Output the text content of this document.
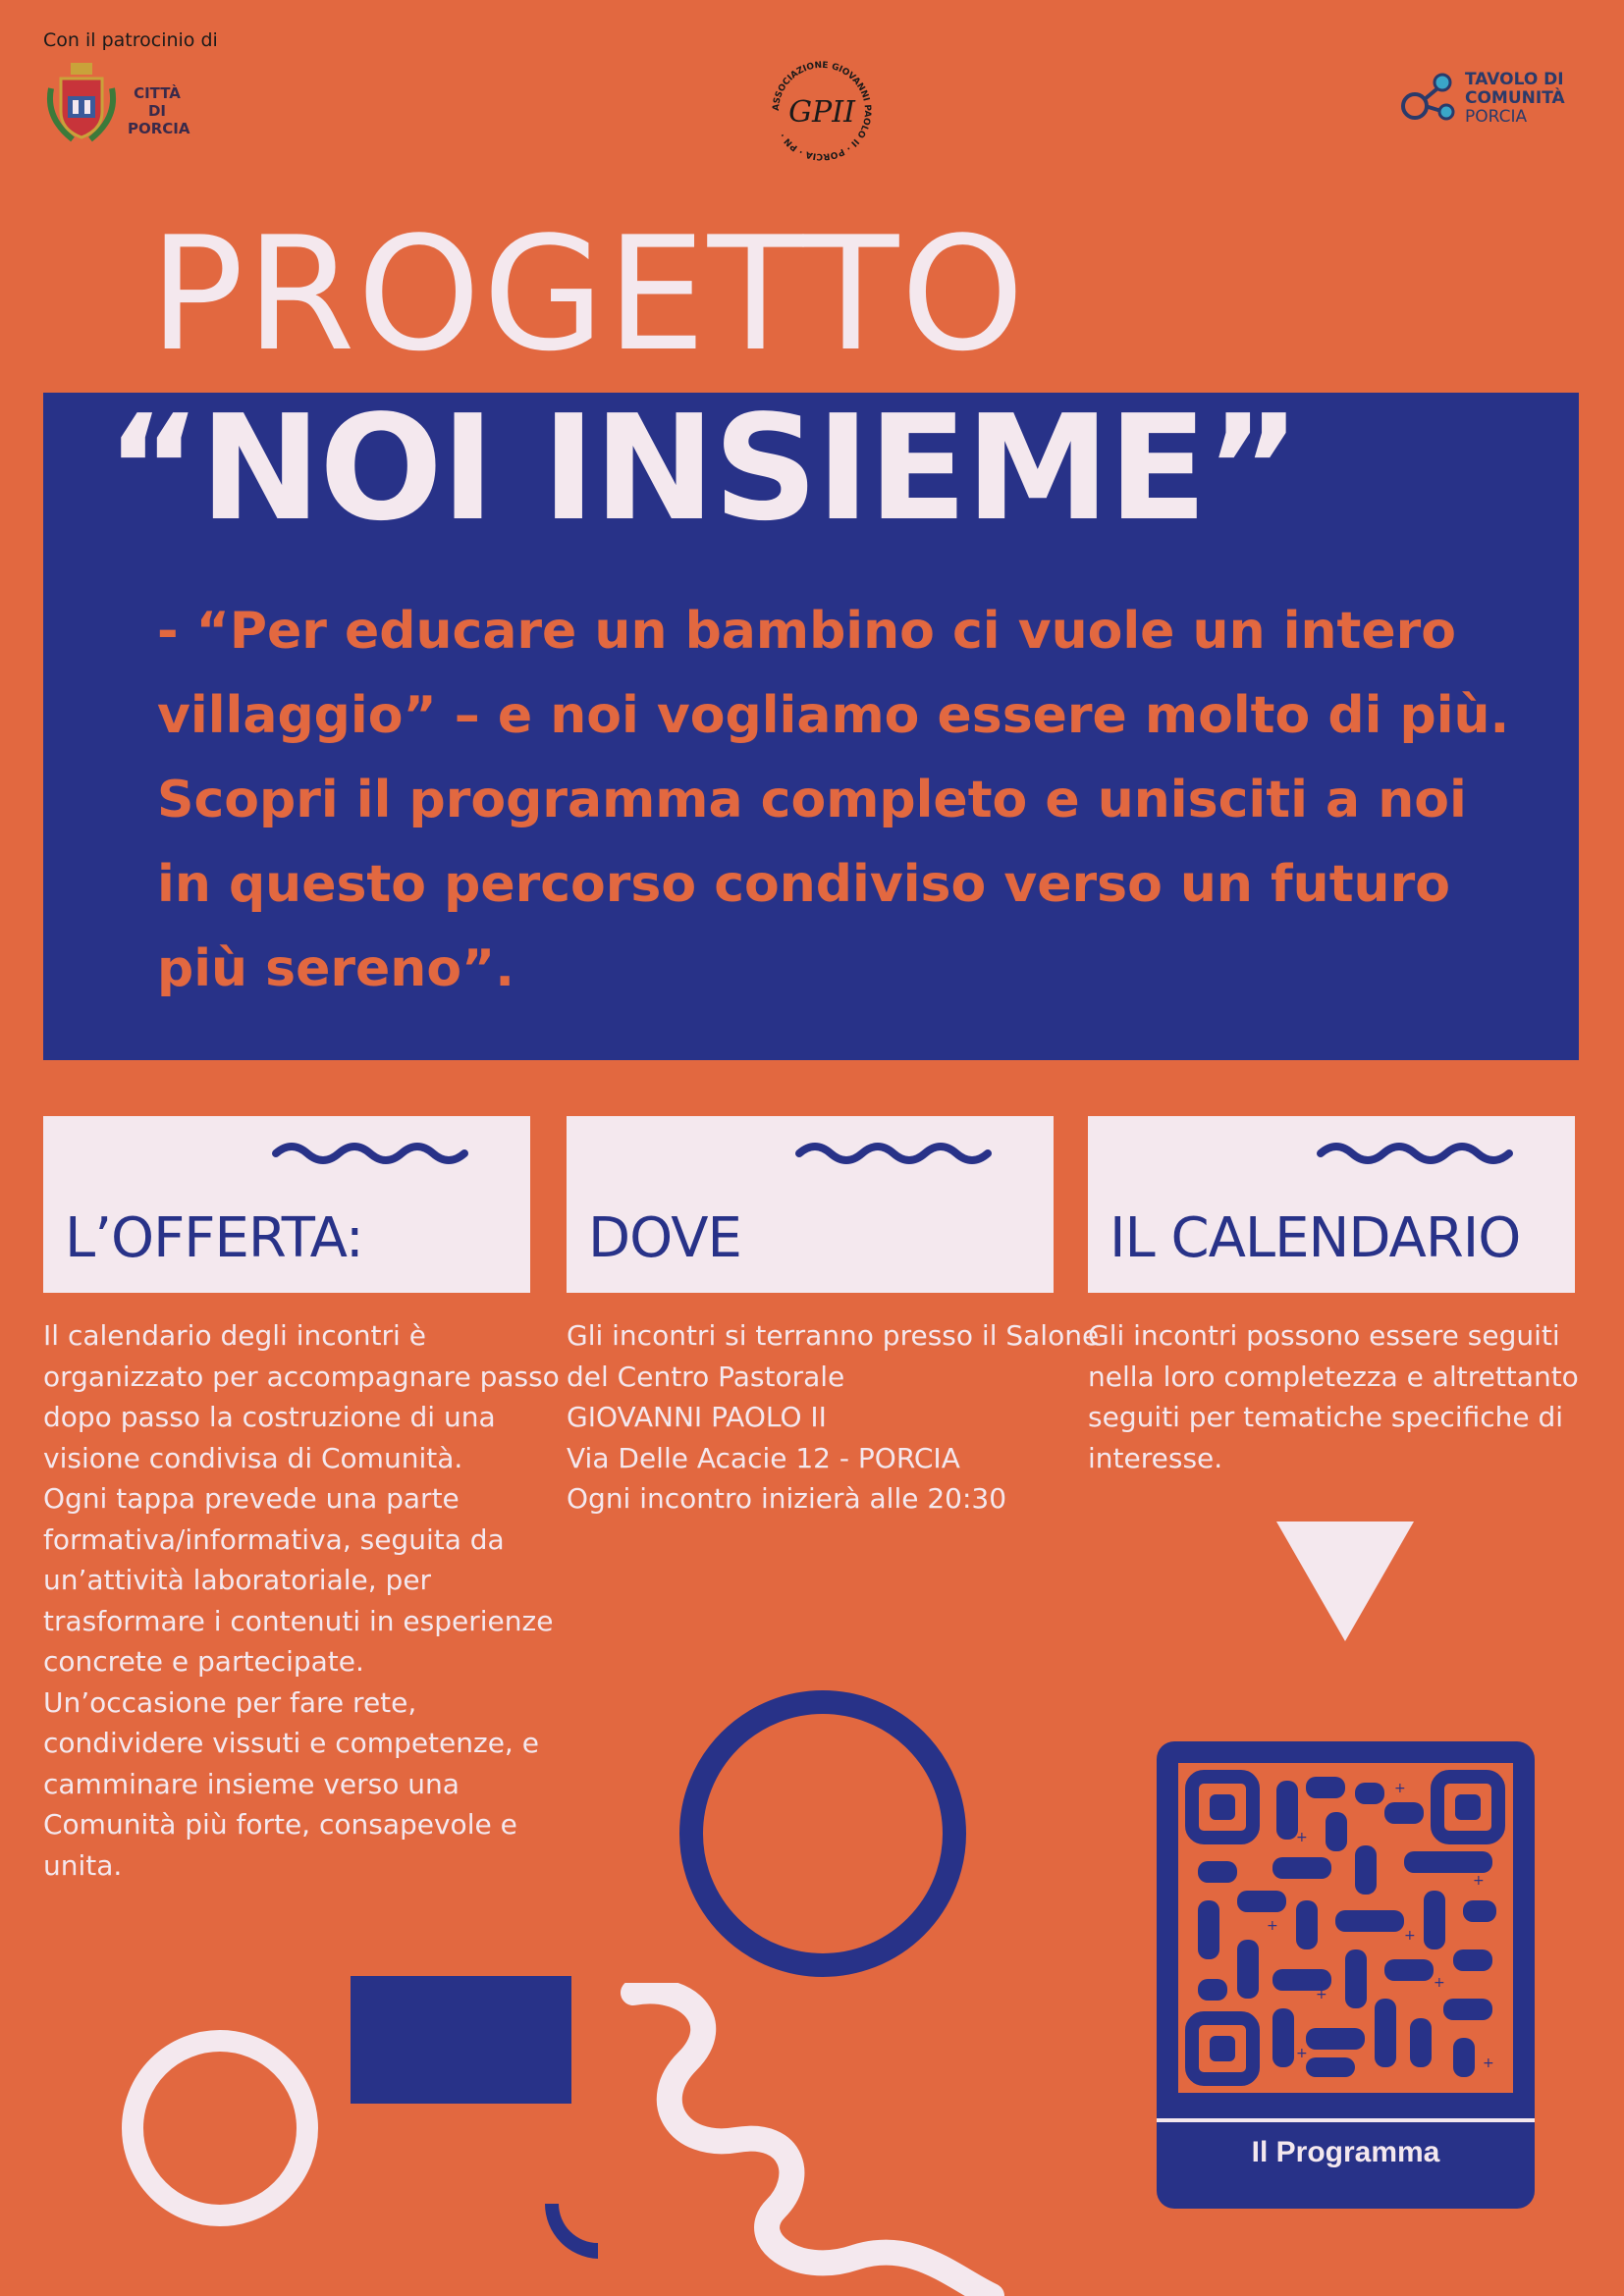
Con il patrocinio di
CITTÀ DI
PORCIA
ASSOCIAZIONE GIOVANNI PAOLO II · PORCIA · PN ·
GPII
TAVOLO DI
COMUNITÀ
PORCIA
PROGETTO
“NOI INSIEME”
- “Per educare un bambino ci vuole un intero villaggio” – e noi vogliamo essere molto di più. Scopri il programma completo e unisciti a noi in questo percorso condiviso verso un futuro più sereno”.
L’OFFERTA:	DOVE	IL CALENDARIO
Il calendario degli incontri è
organizzato per accompagnare passo
dopo passo la costruzione di una
visione condivisa di Comunità.
Ogni tappa prevede una parte
formativa/informativa, seguita da
un’attività laboratoriale, per
trasformare i contenuti in esperienze
concrete e partecipate.
Un’occasione per fare rete,
condividere vissuti e competenze, e
camminare insieme verso una
Comunità più forte, consapevole e
unita.
Gli incontri si terranno presso il Salone
del Centro Pastorale
GIOVANNI PAOLO II
Via Delle Acacie 12 - PORCIA
Ogni incontro inizierà alle 20:30
Gli incontri possono essere seguiti
nella loro completezza e altrettanto
seguiti per tematiche specifiche di
interesse.
+
+
+
+
+
+
+
+
+
Il Programma
